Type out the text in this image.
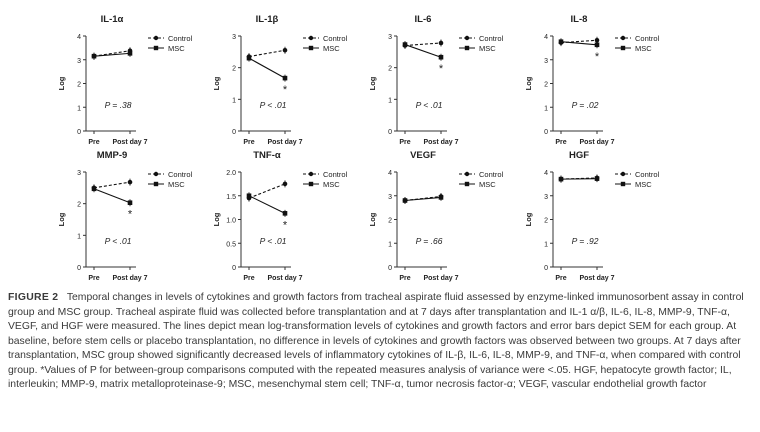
IL-1α
0
1
2
3
4
Log
Pre Post day 7
P = .38
Control
MSC
IL-1β
0
1
2
3
Log
Pre Post day 7
*
P < .01
Control
MSC
IL-6
0
1
2
3
Log
Pre Post day 7
*
P < .01
Control
MSC
IL-8
0
1
2
3
4
Log
Pre Post day 7
*
P = .02
Control
MSC
MMP-9
0
1
2
3
Log
Pre Post day 7
*
P < .01
Control
MSC
TNF-α
0
0.5
1.0
1.5
2.0
Log
Pre Post day 7
*
P < .01
Control
MSC
VEGF
0
1
2
3
4
Log
Pre Post day 7
P = .66
Control
MSC
HGF
0
1
2
3
4
Log
Pre Post day 7
P = .92
Control
MSC
FIGURE 2 Temporal changes in levels of cytokines and growth factors from tracheal aspirate fluid assessed by enzyme-linked immunosorbent assay in control group and MSC group. Tracheal aspirate fluid was collected before transplantation and at 7 days after transplantation and IL-1 α/β, IL-6, IL-8, MMP-9, TNF-α, VEGF, and HGF were measured. The lines depict mean log-transformation levels of cytokines and growth factors and error bars depict SEM for each group. At baseline, before stem cells or placebo transplantation, no difference in levels of cytokines and growth factors was observed between two groups. At 7 days after transplantation, MSC group showed significantly decreased levels of inflammatory cytokines of IL-β, IL-6, IL-8, MMP-9, and TNF-α, when compared with control group. *Values of P for between-group comparisons computed with the repeated measures analysis of variance were <.05. HGF, hepatocyte growth factor; IL, interleukin; MMP-9, matrix metalloproteinase-9; MSC, mesenchymal stem cell; TNF-α, tumor necrosis factor-α; VEGF, vascular endothelial growth factor
